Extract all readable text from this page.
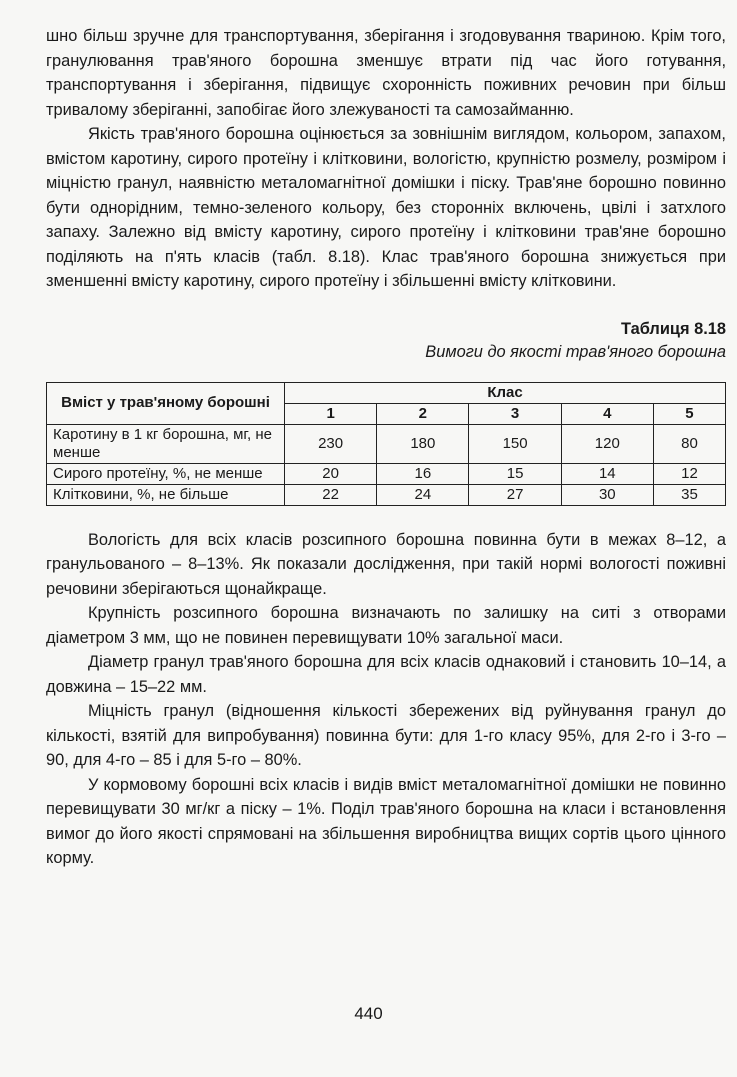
шно більш зручне для транспортування, зберігання і згодовування твариною. Крім того, гранулювання трав'яного борошна зменшує втрати під час його готування, транспортування і зберігання, підвищує схоронність поживних речовин при більш тривалому зберіганні, запобігає його злежуваності та самозайманню.

Якість трав'яного борошна оцінюється за зовнішнім виглядом, кольором, запахом, вмістом каротину, сирого протеїну і клітковини, вологістю, крупністю розмелу, розміром і міцністю гранул, наявністю металомагнітної домішки і піску. Трав'яне борошно повинно бути однорідним, темно-зеленого кольору, без сторонніх включень, цвілі і затхлого запаху. Залежно від вмісту каротину, сирого протеїну і клітковини трав'яне борошно поділяють на п'ять класів (табл. 8.18). Клас трав'яного борошна знижується при зменшенні вмісту каротину, сирого протеїну і збільшенні вмісту клітковини.

Таблиця 8.18
Вимоги до якості трав'яного борошна
Вміст у трав'яному борошні	Клас				
	1	2	3	4	5
Каротину в 1 кг борошна, мг, не менше	230	180	150	120	80
Сирого протеїну, %, не менше	20	16	15	14	12
Клітковини, %, не більше	22	24	27	30	35

Вологість для всіх класів розсипного борошна повинна бути в межах 8–12, а гранульованого – 8–13%. Як показали дослідження, при такій нормі вологості поживні речовини зберігаються щонайкраще.

Крупність розсипного борошна визначають по залишку на ситі з отворами діаметром 3 мм, що не повинен перевищувати 10% загальної маси.

Діаметр гранул трав'яного борошна для всіх класів однаковий і становить 10–14, а довжина – 15–22 мм.

Міцність гранул (відношення кількості збережених від руйнування гранул до кількості, взятій для випробування) повинна бути: для 1-го класу 95%, для 2-го і 3-го – 90, для 4-го – 85 і для 5-го – 80%.

У кормовому борошні всіх класів і видів вміст металомагнітної домішки не повинно перевищувати 30 мг/кг а піску – 1%. Поділ трав'яного борошна на класи і встановлення вимог до його якості спрямовані на збільшення виробництва вищих сортів цього цінного корму.

440
